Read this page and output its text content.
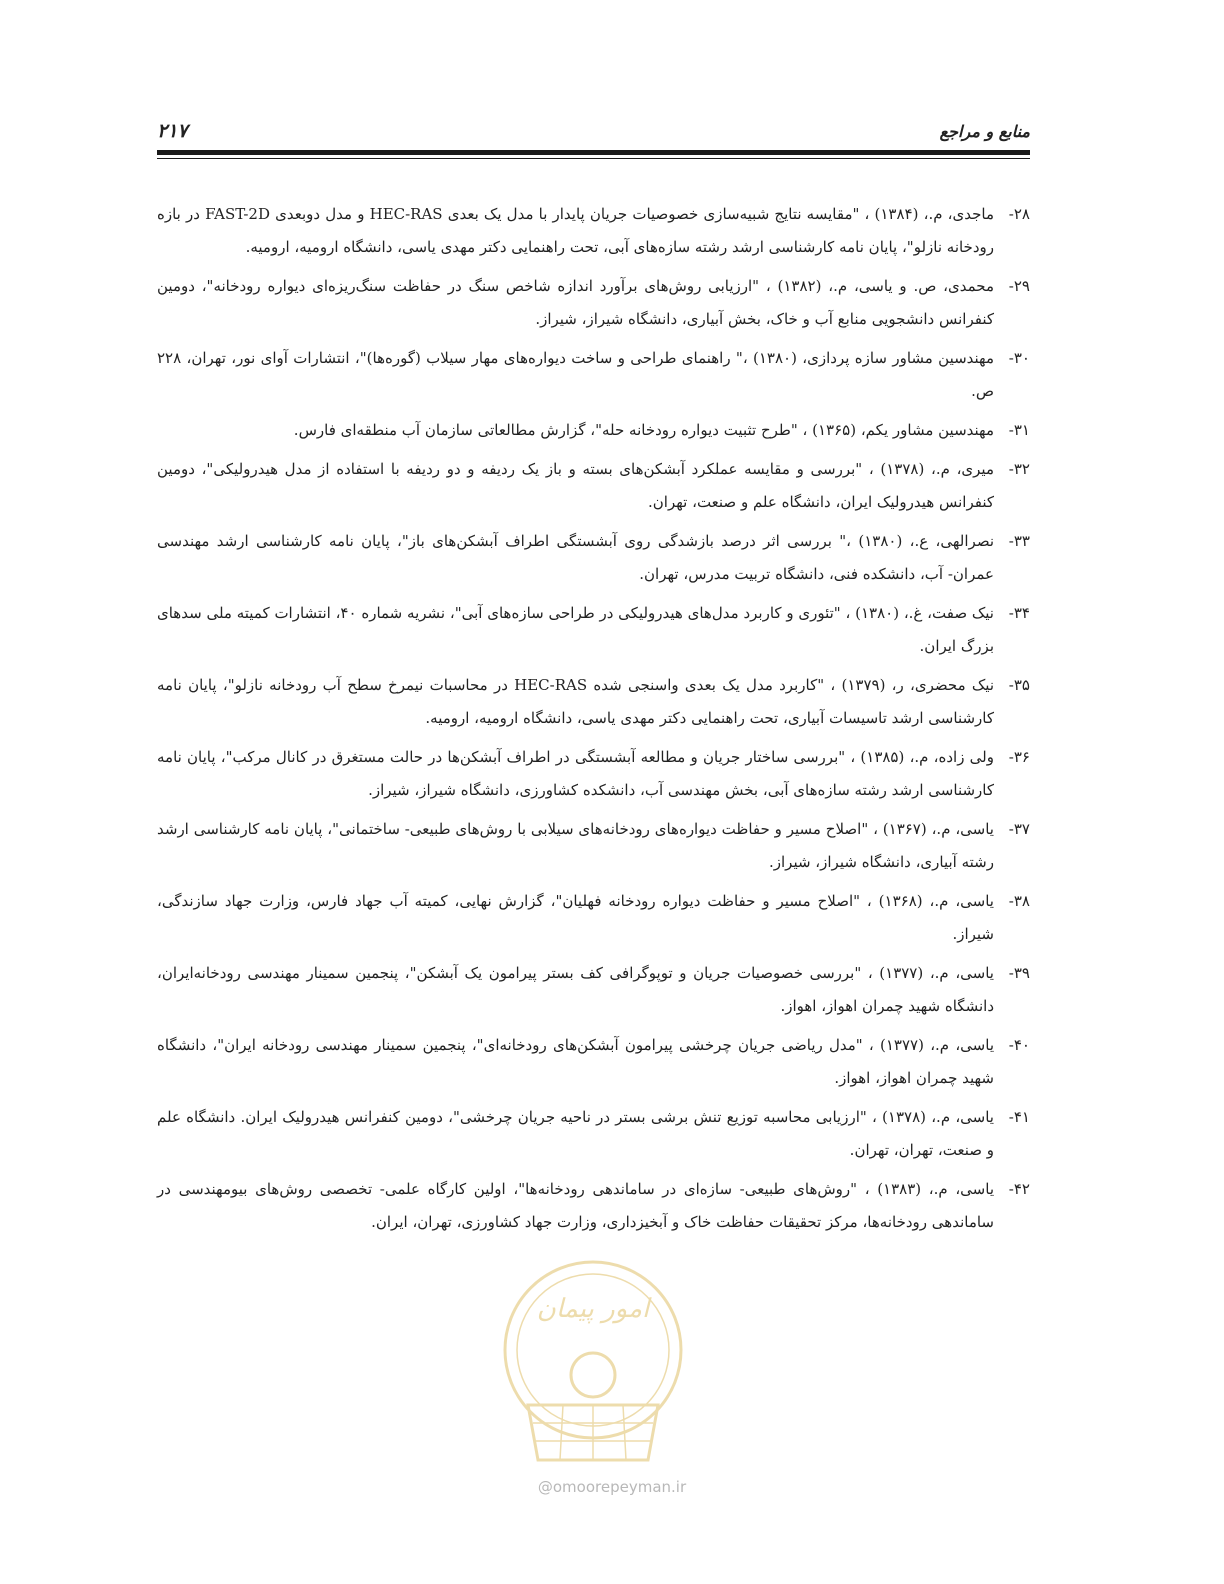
منابع و مراجع
۲۱۷
۲۸-
ماجدی، م.، (۱۳۸۴) ، "مقایسه نتایج شبیه‌سازی خصوصیات جریان پایدار با مدل یک بعدی HEC-RAS و مدل دوبعدی FAST-2D در بازه رودخانه نازلو"، پایان نامه کارشناسی ارشد رشته سازه‌های آبی، تحت راهنمایی دکتر مهدی یاسی، دانشگاه ارومیه، ارومیه.
۲۹-
محمدی، ص. و یاسی، م.، (۱۳۸۲) ، "ارزیابی روش‌های برآورد اندازه شاخص سنگ در حفاظت سنگ‌ریزه‌ای دیواره رودخانه"، دومین کنفرانس دانشجویی منابع آب و خاک، بخش آبیاری، دانشگاه شیراز، شیراز.
۳۰-
مهندسین مشاور سازه پردازی، (۱۳۸۰) ،" راهنمای طراحی و ساخت دیواره‌های مهار سیلاب (گوره‌ها)"، انتشارات آوای نور، تهران، ۲۲۸ ص.
۳۱-
مهندسین مشاور یکم، (۱۳۶۵) ، "طرح تثبیت دیواره رودخانه حله"، گزارش مطالعاتی سازمان آب منطقه‌ای فارس.
۳۲-
میری، م.، (۱۳۷۸) ، "بررسی و مقایسه عملکرد آبشکن‌های بسته و باز یک ردیفه و دو ردیفه با استفاده از مدل هیدرولیکی"، دومین کنفرانس هیدرولیک ایران، دانشگاه علم و صنعت، تهران.
۳۳-
نصرالهی، ع.، (۱۳۸۰) ،" بررسی اثر درصد بازشدگی روی آبشستگی اطراف آبشکن‌های باز"، پایان نامه کارشناسی ارشد مهندسی عمران- آب، دانشکده فنی، دانشگاه تربیت مدرس، تهران.
۳۴-
نیک صفت، غ.، (۱۳۸۰) ، "تئوری و کاربرد مدل‌های هیدرولیکی در طراحی سازه‌های آبی"، نشریه شماره ۴۰، انتشارات کمیته ملی سدهای بزرگ ایران.
۳۵-
نیک محضری، ر، (۱۳۷۹) ، "کاربرد مدل یک بعدی واسنجی شده HEC-RAS در محاسبات نیمرخ سطح آب رودخانه نازلو"، پایان نامه کارشناسی ارشد تاسیسات آبیاری، تحت راهنمایی دکتر مهدی یاسی، دانشگاه ارومیه، ارومیه.
۳۶-
ولی زاده، م.، (۱۳۸۵) ، "بررسی ساختار جریان و مطالعه آبشستگی در اطراف آبشکن‌ها در حالت مستغرق در کانال مرکب"، پایان نامه کارشناسی ارشد رشته سازه‌های آبی، بخش مهندسی آب، دانشکده کشاورزی، دانشگاه شیراز، شیراز.
۳۷-
یاسی، م.، (۱۳۶۷) ، "اصلاح مسیر و حفاظت دیواره‌های رودخانه‌های سیلابی با روش‌های طبیعی- ساختمانی"، پایان نامه کارشناسی ارشد رشته آبیاری، دانشگاه شیراز، شیراز.
۳۸-
یاسی، م.، (۱۳۶۸) ، "اصلاح مسیر و حفاظت دیواره رودخانه فهلیان"، گزارش نهایی، کمیته آب جهاد فارس، وزارت جهاد سازندگی، شیراز.
۳۹-
یاسی، م.، (۱۳۷۷) ، "بررسی خصوصیات جریان و توپوگرافی کف بستر پیرامون یک آبشکن"، پنجمین سمینار مهندسی رودخانه‌ایران، دانشگاه شهید چمران اهواز، اهواز.
۴۰-
یاسی، م.، (۱۳۷۷) ، "مدل ریاضی جریان چرخشی پیرامون آبشکن‌های رودخانه‌ای"، پنجمین سمینار مهندسی رودخانه ایران"، دانشگاه شهید چمران اهواز، اهواز.
۴۱-
یاسی، م.، (۱۳۷۸) ، "ارزیابی محاسبه توزیع تنش برشی بستر در ناحیه جریان چرخشی"، دومین کنفرانس هیدرولیک ایران. دانشگاه علم و صنعت، تهران، تهران.
۴۲-
یاسی، م.، (۱۳۸۳) ، "روش‌های طبیعی- سازه‌ای در ساماندهی رودخانه‌ها"، اولین کارگاه علمی- تخصصی روش‌های بیومهندسی در ساماندهی رودخانه‌ها، مرکز تحقیقات حفاظت خاک و آبخیزداری، وزارت جهاد کشاورزی، تهران، ایران.
امور پیمان
@omoorepeyman.ir
